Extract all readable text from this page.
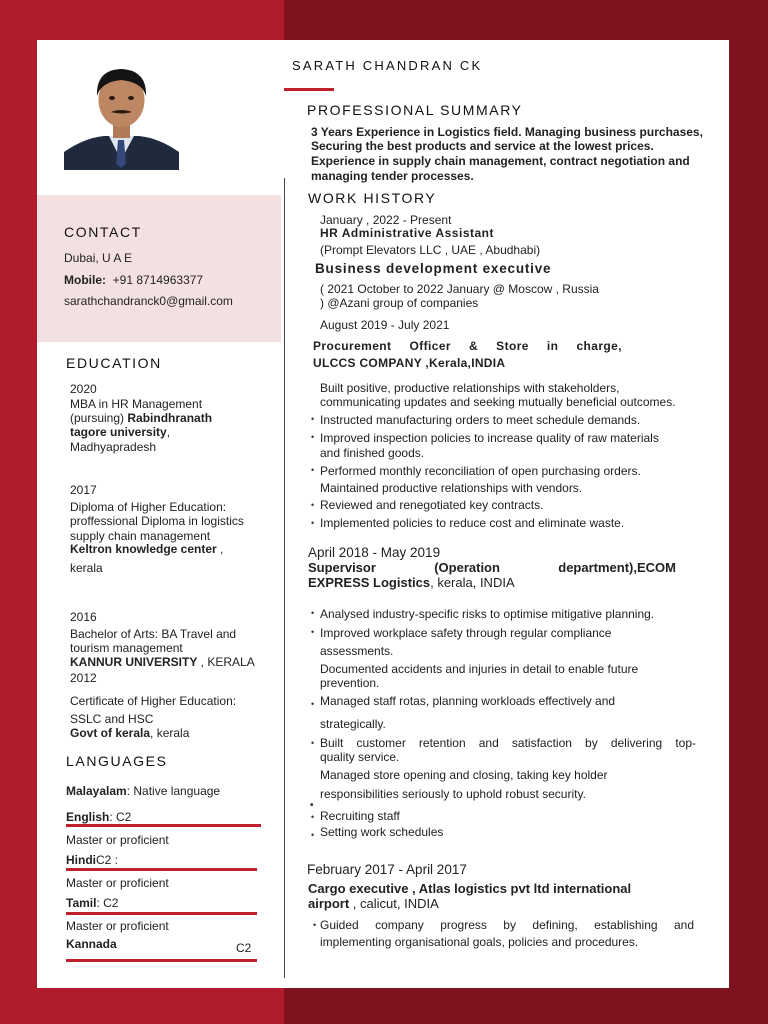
CONTACT
Dubai, U A E
Mobile: +91 8714963377
sarathchandranck0@gmail.com
EDUCATION
2020
MBA in HR Management
(pursuing) Rabindhranath
tagore university,
Madhyapradesh
2017
Diploma of Higher Education:
proffessional Diploma in logistics
supply chain management
Keltron knowledge center ,
kerala
2016
Bachelor of Arts: BA Travel and
tourism management
KANNUR UNIVERSITY , KERALA
2012
Certificate of Higher Education:
SSLC and HSC
Govt of kerala, kerala
LANGUAGES
Malayalam: Native language
English: C2
Master or proficient
HindiC2 :
Master or proficient
Tamil: C2
Master or proficient
Kannada	C2
SARATH CHANDRAN CK
PROFESSIONAL SUMMARY
3 Years Experience in Logistics field. Managing business purchases,
Securing the best products and service at the lowest prices.
Experience in supply chain management, contract negotiation and
managing tender processes.
WORK HISTORY
January , 2022 - Present
HR Administrative Assistant
(Prompt Elevators LLC , UAE , Abudhabi)
Business development executive
( 2021 October to 2022 January @ Moscow , Russia
) @Azani group of companies
August 2019 - July 2021
Procurement Officer & Store in charge,
ULCCS COMPANY ,Kerala,INDIA
Built positive, productive relationships with stakeholders,
communicating updates and seeking mutually beneficial outcomes.
• Instructed manufacturing orders to meet schedule demands.
• Improved inspection policies to increase quality of raw materials
and finished goods.
• Performed monthly reconciliation of open purchasing orders.
Maintained productive relationships with vendors.
• Reviewed and renegotiated key contracts.
• Implemented policies to reduce cost and eliminate waste.
April 2018 - May 2019
Supervisor	(Operation	department),ECOM
EXPRESS Logistics, kerala, INDIA
• Analysed industry-specific risks to optimise mitigative planning.
• Improved workplace safety through regular compliance
assessments.
Documented accidents and injuries in detail to enable future
prevention.
• Managed staff rotas, planning workloads effectively and
strategically.
• Built customer retention and satisfaction by delivering top-
quality service.
Managed store opening and closing, taking key holder
responsibilities seriously to uphold robust security.
•
• Recruiting staff
• Setting work schedules
February 2017 - April 2017
Cargo executive , Atlas logistics pvt ltd international
airport , calicut, INDIA
• Guided company progress by defining, establishing and
implementing organisational goals, policies and procedures.
